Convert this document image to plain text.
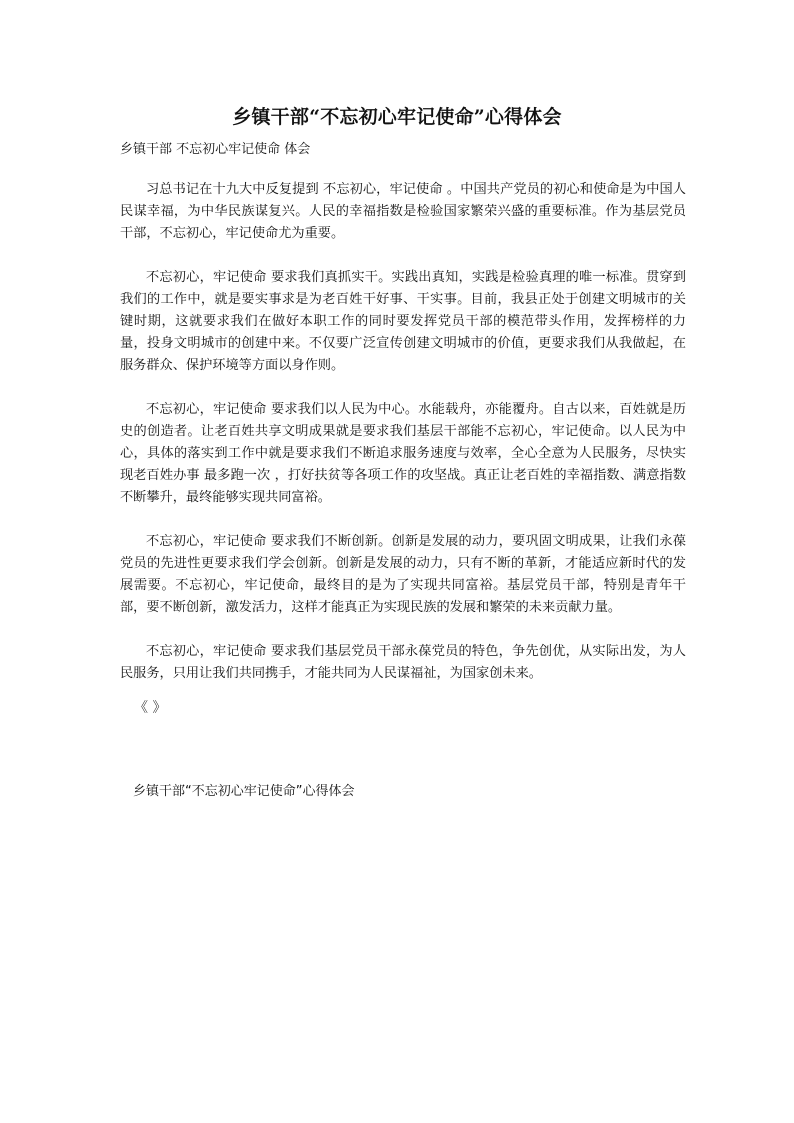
乡镇干部“不忘初心牢记使命”心得体会
乡镇干部 不忘初心牢记使命 体会

习总书记在十九大中反复提到 不忘初心，牢记使命 。中国共产党员的初心和使命是为中国人民谋幸福，为中华民族谋复兴。人民的幸福指数是检验国家繁荣兴盛的重要标准。作为基层党员干部，不忘初心，牢记使命尤为重要。

不忘初心，牢记使命 要求我们真抓实干。实践出真知，实践是检验真理的唯一标准。贯穿到我们的工作中，就是要实事求是为老百姓干好事、干实事。目前，我县正处于创建文明城市的关键时期，这就要求我们在做好本职工作的同时要发挥党员干部的模范带头作用，发挥榜样的力量，投身文明城市的创建中来。不仅要广泛宣传创建文明城市的价值，更要求我们从我做起，在服务群众、保护环境等方面以身作则。

不忘初心，牢记使命 要求我们以人民为中心。水能载舟，亦能覆舟。自古以来，百姓就是历史的创造者。让老百姓共享文明成果就是要求我们基层干部能不忘初心，牢记使命。以人民为中心，具体的落实到工作中就是要求我们不断追求服务速度与效率，全心全意为人民服务，尽快实现老百姓办事 最多跑一次 ，打好扶贫等各项工作的攻坚战。真正让老百姓的幸福指数、满意指数不断攀升，最终能够实现共同富裕。

不忘初心，牢记使命 要求我们不断创新。创新是发展的动力，要巩固文明成果，让我们永葆党员的先进性更要求我们学会创新。创新是发展的动力，只有不断的革新，才能适应新时代的发展需要。不忘初心，牢记使命，最终目的是为了实现共同富裕。基层党员干部，特别是青年干部，要不断创新，激发活力，这样才能真正为实现民族的发展和繁荣的未来贡献力量。

不忘初心，牢记使命 要求我们基层党员干部永葆党员的特色，争先创优，从实际出发，为人民服务，只用让我们共同携手，才能共同为人民谋福祉，为国家创未来。

《 》
乡镇干部“不忘初心牢记使命”心得体会
